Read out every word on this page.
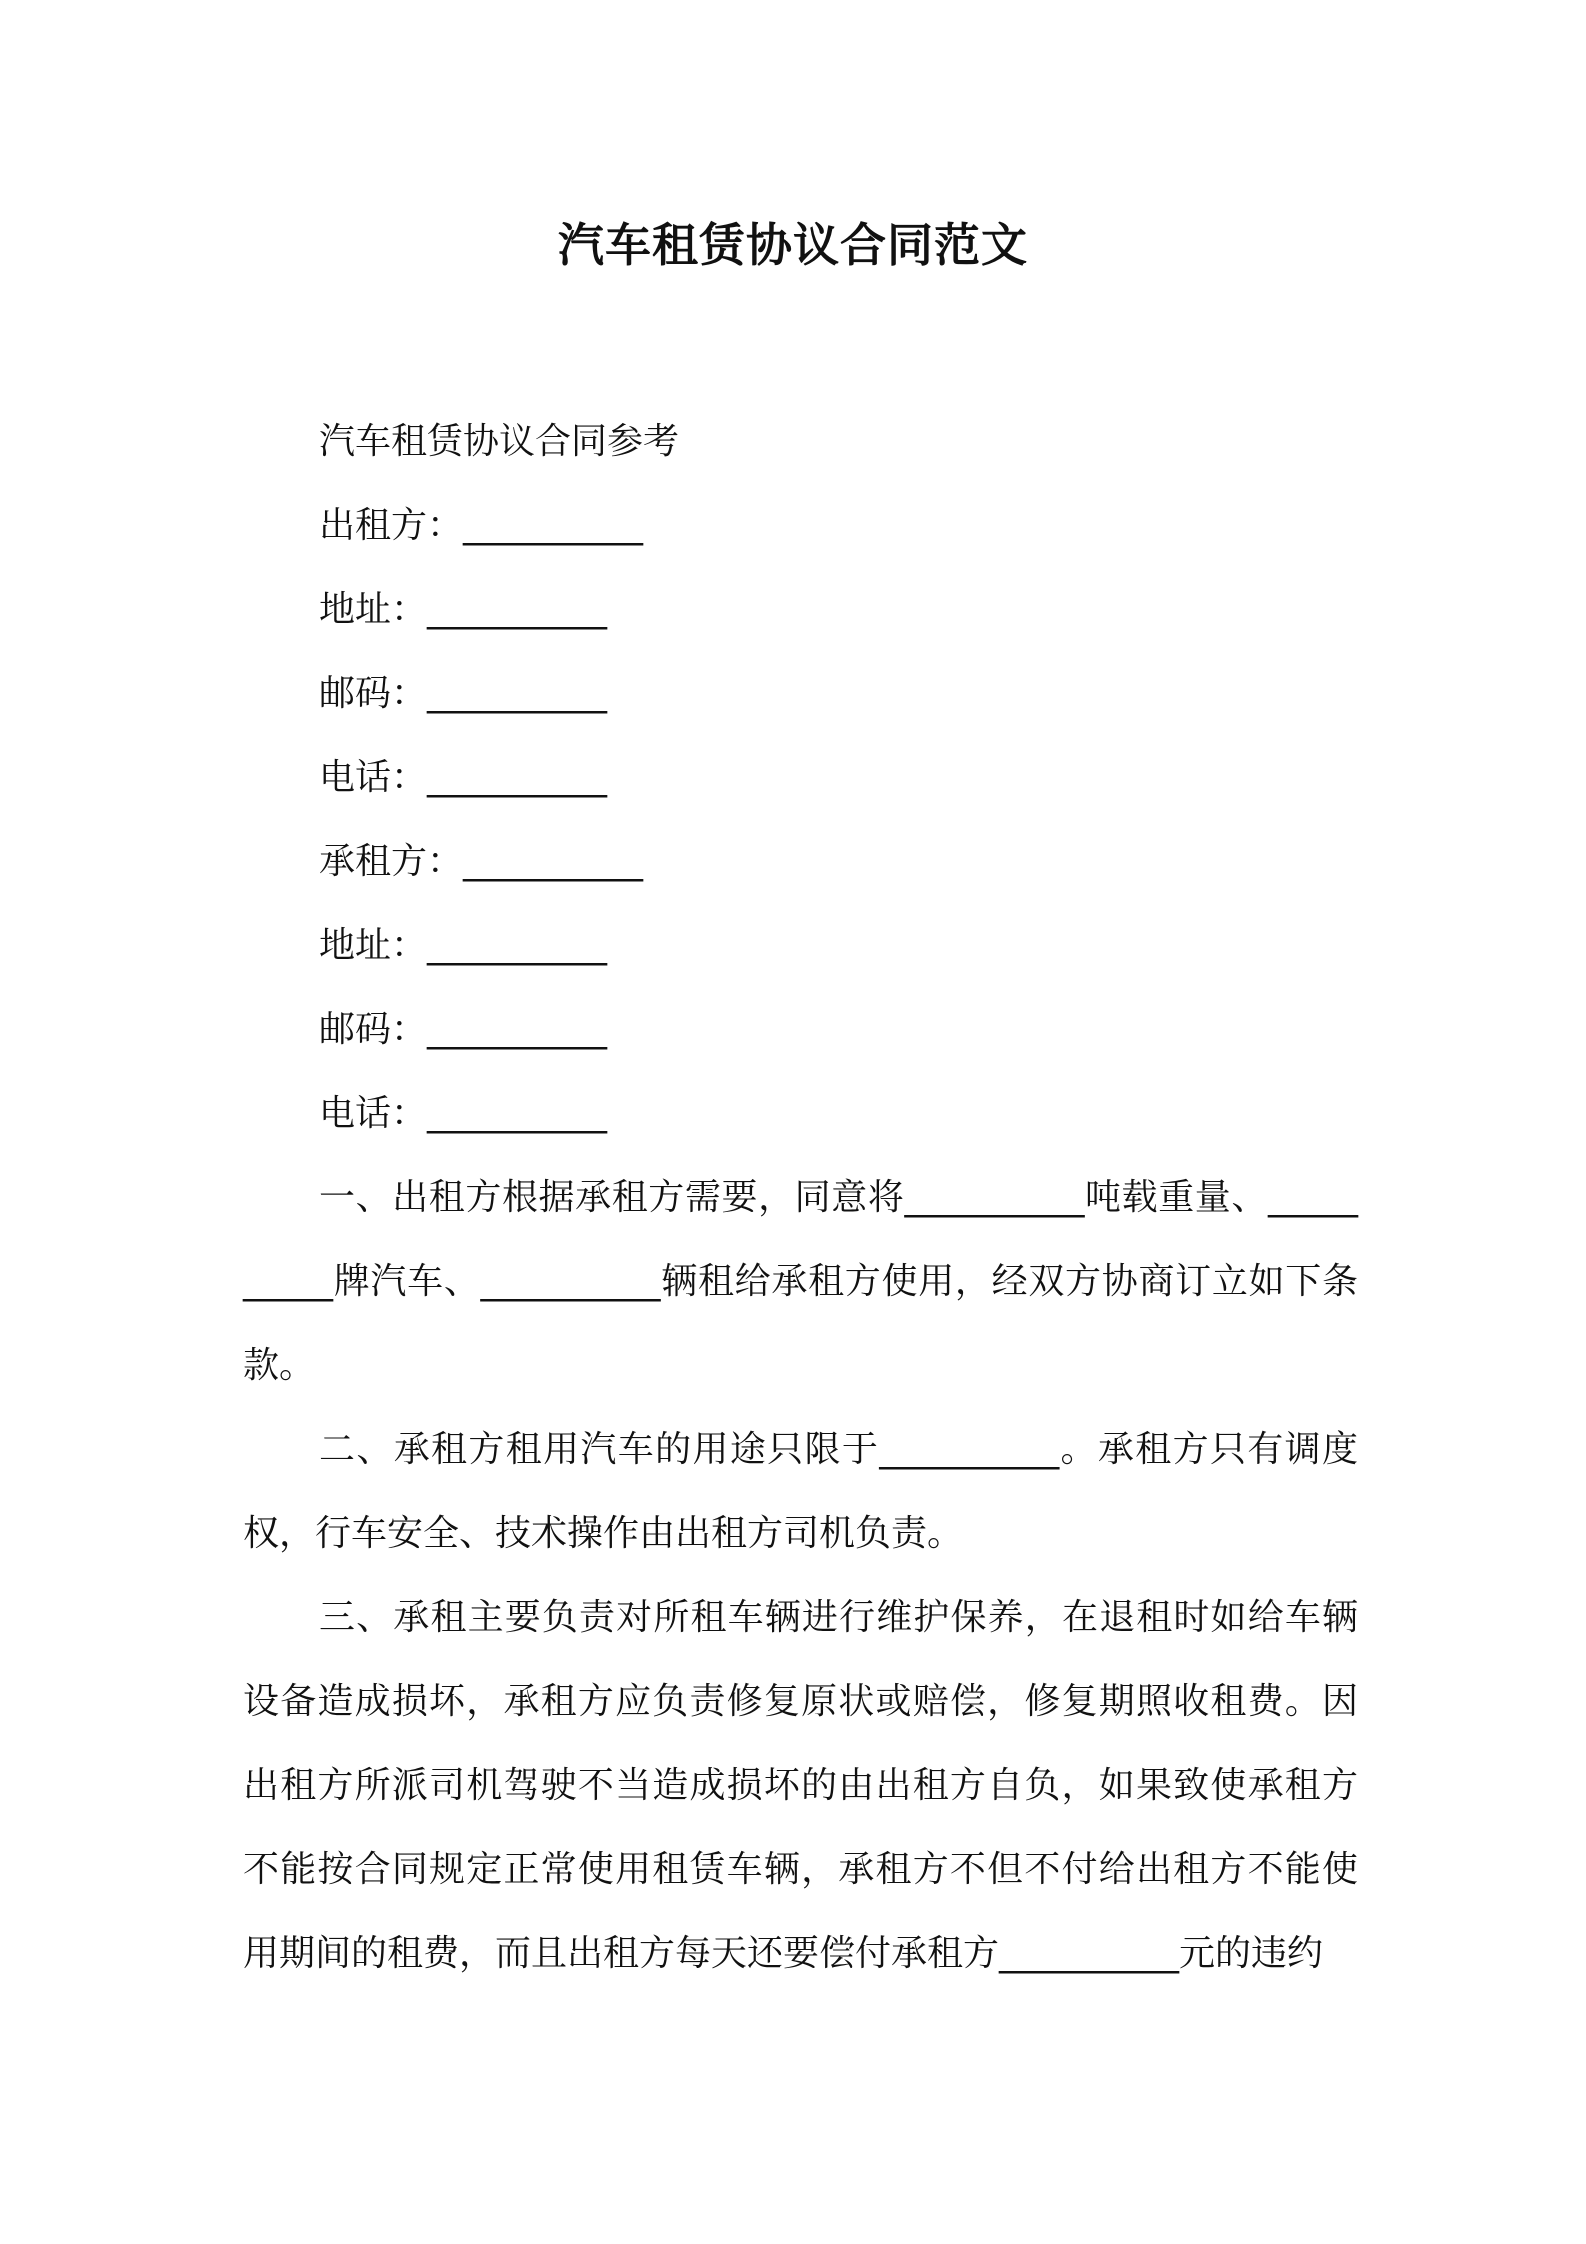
汽车租赁协议合同范文
汽车租赁协议合同参考
出租方：__________
地址：__________
邮码：__________
电话：__________
承租方：__________
地址：__________
邮码：__________
电话：__________

一、出租方根据承租方需要，同意将__________吨载重量、__________牌汽车、__________辆租给承租方使用，经双方协商订立如下条款。

二、承租方租用汽车的用途只限于__________。承租方只有调度权，行车安全、技术操作由出租方司机负责。

三、承租主要负责对所租车辆进行维护保养，在退租时如给车辆设备造成损坏，承租方应负责修复原状或赔偿，修复期照收租费。因出租方所派司机驾驶不当造成损坏的由出租方自负，如果致使承租方不能按合同规定正常使用租赁车辆，承租方不但不付给出租方不能使用期间的租费，而且出租方每天还要偿付承租方__________元的违约
